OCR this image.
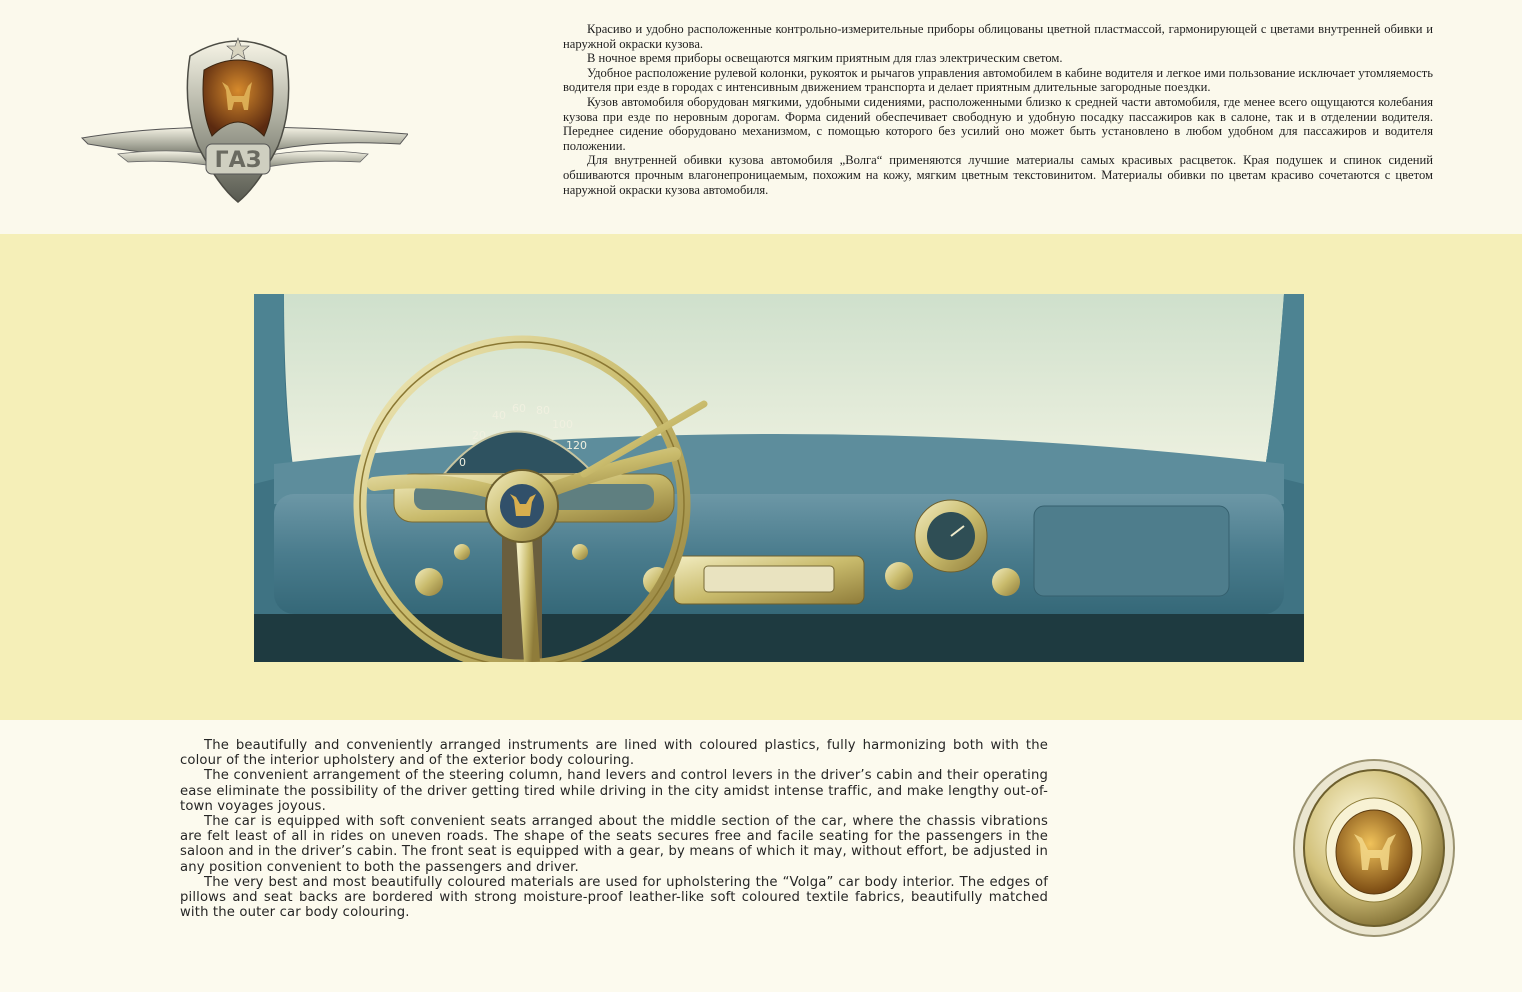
ГАЗ

Красиво и удобно расположенные контрольно-измерительные приборы облицованы цветной пластмассой, гармонирующей с цветами внутренней обивки и наружной окраски кузова.

В ночное время приборы освещаются мягким приятным для глаз электрическим светом.

Удобное расположение рулевой колонки, рукояток и рычагов управления автомобилем в кабине водителя и легкое ими пользование исключает утомляемость водителя при езде в городах с интенсивным движением транспорта и делает приятным длительные загородные поездки.

Кузов автомобиля оборудован мягкими, удобными сидениями, расположенными близко к средней части автомобиля, где менее всего ощущаются колебания кузова при езде по неровным дорогам. Форма сидений обеспечивает свободную и удобную посадку пассажиров как в салоне, так и в отделении водителя. Переднее сидение оборудовано механизмом, с помощью которого без усилий оно может быть установлено в любом удобном для пассажиров и водителя положении.

Для внутренней обивки кузова автомобиля „Волга“ применяются лучшие материалы самых красивых расцветок. Края подушек и спинок сидений обшиваются прочным влагонепроницаемым, похожим на кожу, мягким цветным текстовинитом. Материалы обивки по цветам красиво сочетаются с цветом наружной окраски кузова автомобиля.

0
20
40
60 80
100
120

The beautifully and conveniently arranged instruments are lined with coloured plastics, fully harmonizing both with the colour of the interior upholstery and of the exterior body colouring.

The convenient arrangement of the steering column, hand levers and control levers in the driver’s cabin and their operating ease eliminate the possibility of the driver getting tired while driving in the city amidst intense traffic, and make lengthy out-of-town voyages joyous.

The car is equipped with soft convenient seats arranged about the middle section of the car, where the chassis vibrations are felt least of all in rides on uneven roads. The shape of the seats secures free and facile seating for the passengers in the saloon and in the driver’s cabin. The front seat is equipped with a gear, by means of which it may, without effort, be adjusted in any position convenient to both the passengers and driver.

The very best and most beautifully coloured materials are used for upholstering the “Volga” car body interior. The edges of pillows and seat backs are bordered with strong moisture-proof leather-like soft coloured textile fabrics, beautifully matched with the outer car body colouring.
